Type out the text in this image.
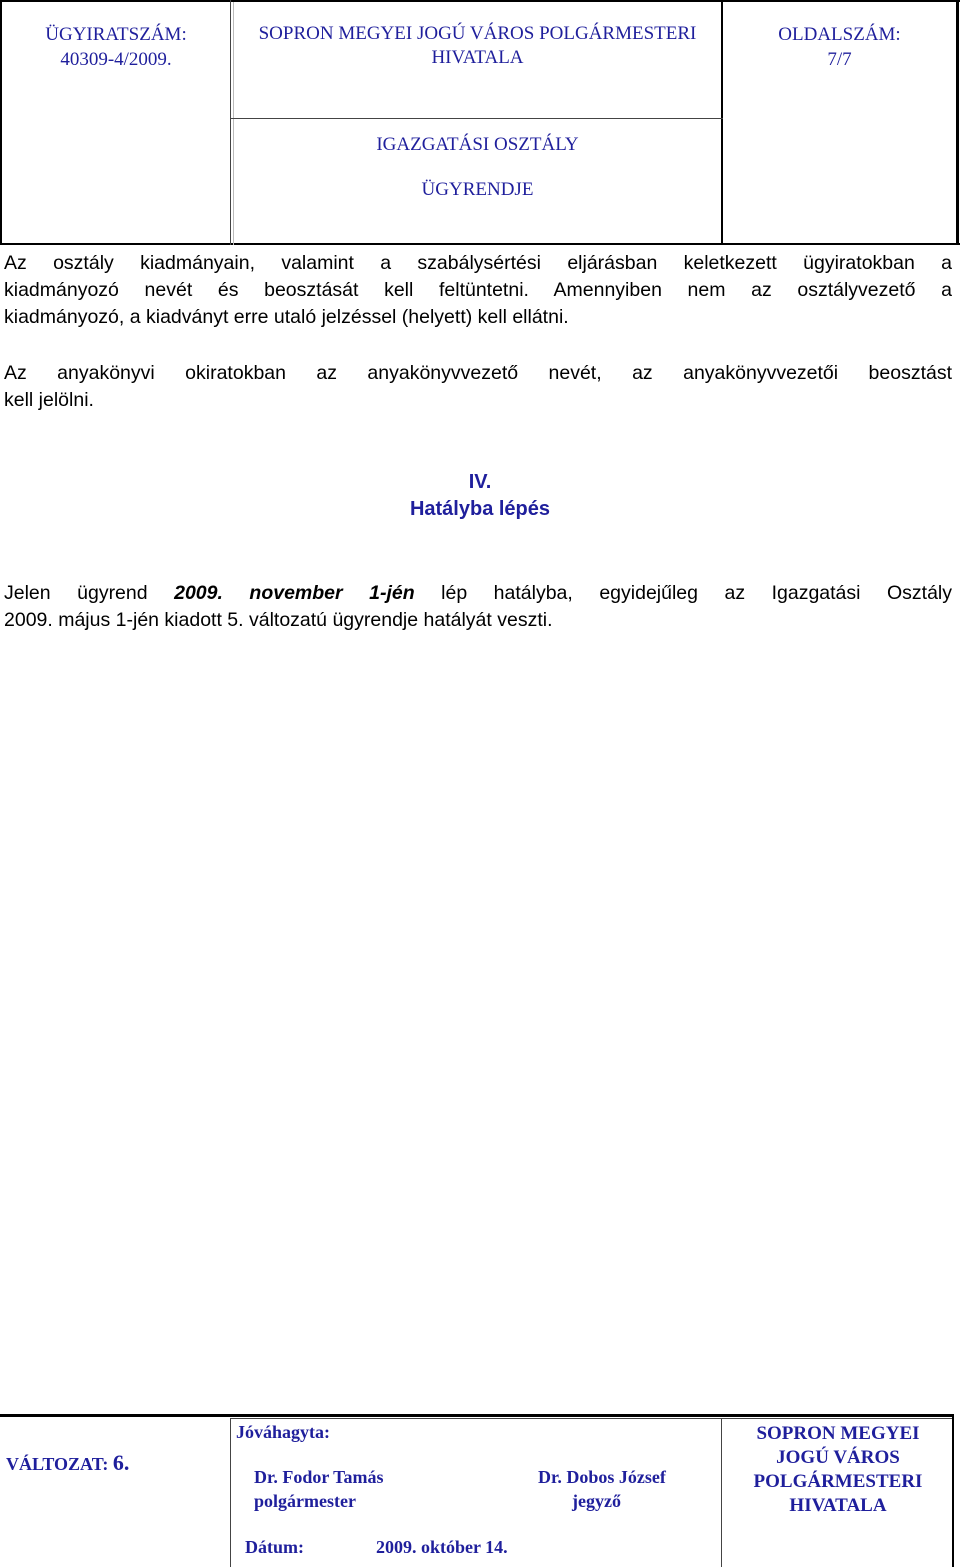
ÜGYIRATSZÁM:
40309-4/2009.
SOPRON MEGYEI JOGÚ VÁROS POLGÁRMESTERI
HIVATALA
OLDALSZÁM:
7/7
IGAZGATÁSI OSZTÁLY
ÜGYRENDJE
Az osztály kiadmányain, valamint a szabálysértési eljárásban keletkezett ügyiratokban a
kiadmányozó nevét és beosztását kell feltüntetni. Amennyiben nem az osztályvezető a
kiadmányozó, a kiadványt erre utaló jelzéssel (helyett) kell ellátni.
Az anyakönyvi okiratokban az anyakönyvvezető nevét, az anyakönyvvezetői beosztást
kell jelölni.
IV.
Hatályba lépés
Jelen ügyrend 2009. november 1-jén lép hatályba, egyidejűleg az Igazgatási Osztály
2009. május 1-jén kiadott 5. változatú ügyrendje hatályát veszti.
VÁLTOZAT: 6.
Jóváhagyta:
Dr. Fodor Tamás
polgármester
Dr. Dobos József
jegyző
Dátum:	2009. október 14.
SOPRON MEGYEI
JOGÚ VÁROS
POLGÁRMESTERI
HIVATALA
